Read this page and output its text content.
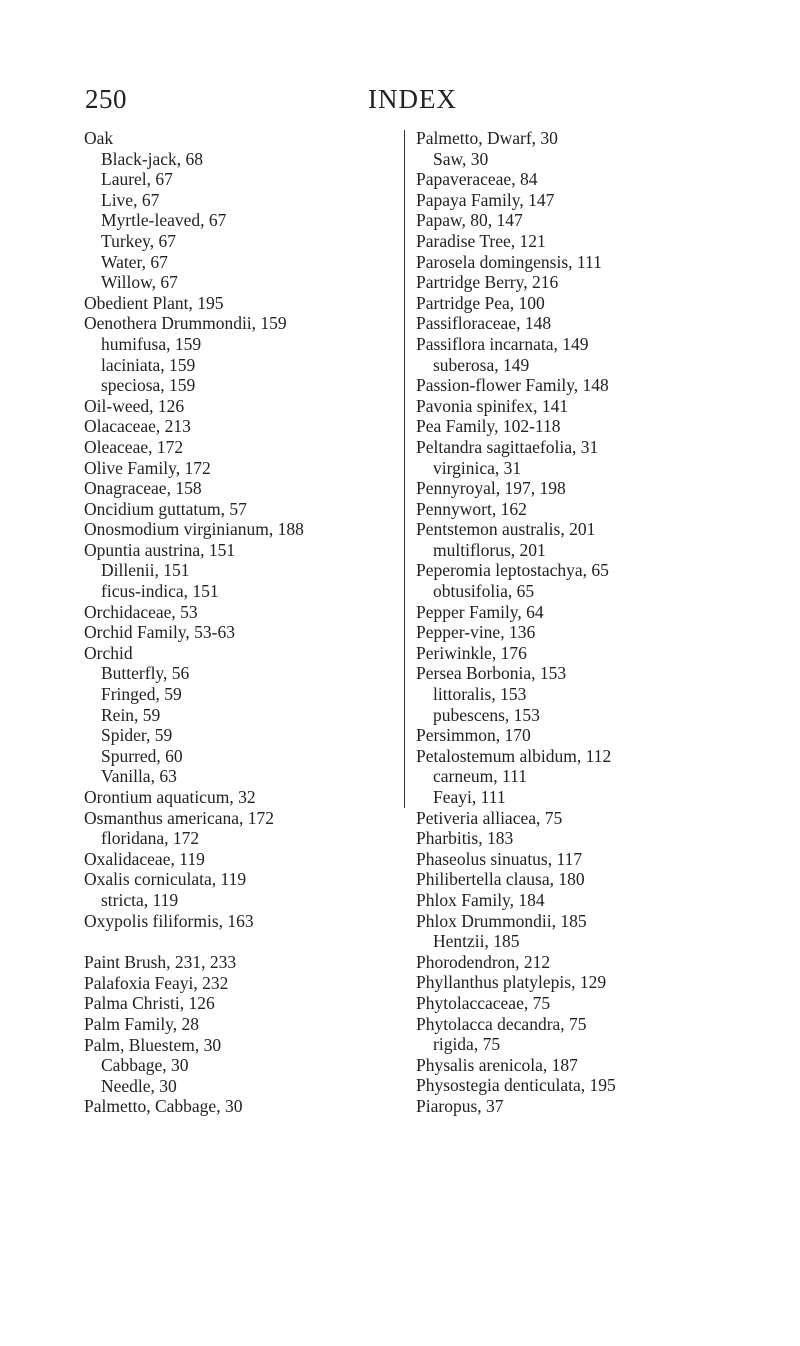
250	INDEX
Oak
Black-jack, 68
Laurel, 67
Live, 67
Myrtle-leaved, 67
Turkey, 67
Water, 67
Willow, 67
Obedient Plant, 195
Oenothera Drummondii, 159
humifusa, 159
laciniata, 159
speciosa, 159
Oil-weed, 126
Olacaceae, 213
Oleaceae, 172
Olive Family, 172
Onagraceae, 158
Oncidium guttatum, 57
Onosmodium virginianum, 188
Opuntia austrina, 151
Dillenii, 151
ficus-indica, 151
Orchidaceae, 53
Orchid Family, 53-63
Orchid
Butterfly, 56
Fringed, 59
Rein, 59
Spider, 59
Spurred, 60
Vanilla, 63
Orontium aquaticum, 32
Osmanthus americana, 172
floridana, 172
Oxalidaceae, 119
Oxalis corniculata, 119
stricta, 119
Oxypolis filiformis, 163
Paint Brush, 231, 233
Palafoxia Feayi, 232
Palma Christi, 126
Palm Family, 28
Palm, Bluestem, 30
Cabbage, 30
Needle, 30
Palmetto, Cabbage, 30
Palmetto, Dwarf, 30
Saw, 30
Papaveraceae, 84
Papaya Family, 147
Papaw, 80, 147
Paradise Tree, 121
Parosela domingensis, 111
Partridge Berry, 216
Partridge Pea, 100
Passifloraceae, 148
Passiflora incarnata, 149
suberosa, 149
Passion-flower Family, 148
Pavonia spinifex, 141
Pea Family, 102-118
Peltandra sagittaefolia, 31
virginica, 31
Pennyroyal, 197, 198
Pennywort, 162
Pentstemon australis, 201
multiflorus, 201
Peperomia leptostachya, 65
obtusifolia, 65
Pepper Family, 64
Pepper-vine, 136
Periwinkle, 176
Persea Borbonia, 153
littoralis, 153
pubescens, 153
Persimmon, 170
Petalostemum albidum, 112
carneum, 111
Feayi, 111
Petiveria alliacea, 75
Pharbitis, 183
Phaseolus sinuatus, 117
Philibertella clausa, 180
Phlox Family, 184
Phlox Drummondii, 185
Hentzii, 185
Phorodendron, 212
Phyllanthus platylepis, 129
Phytolaccaceae, 75
Phytolacca decandra, 75
rigida, 75
Physalis arenicola, 187
Physostegia denticulata, 195
Piaropus, 37
